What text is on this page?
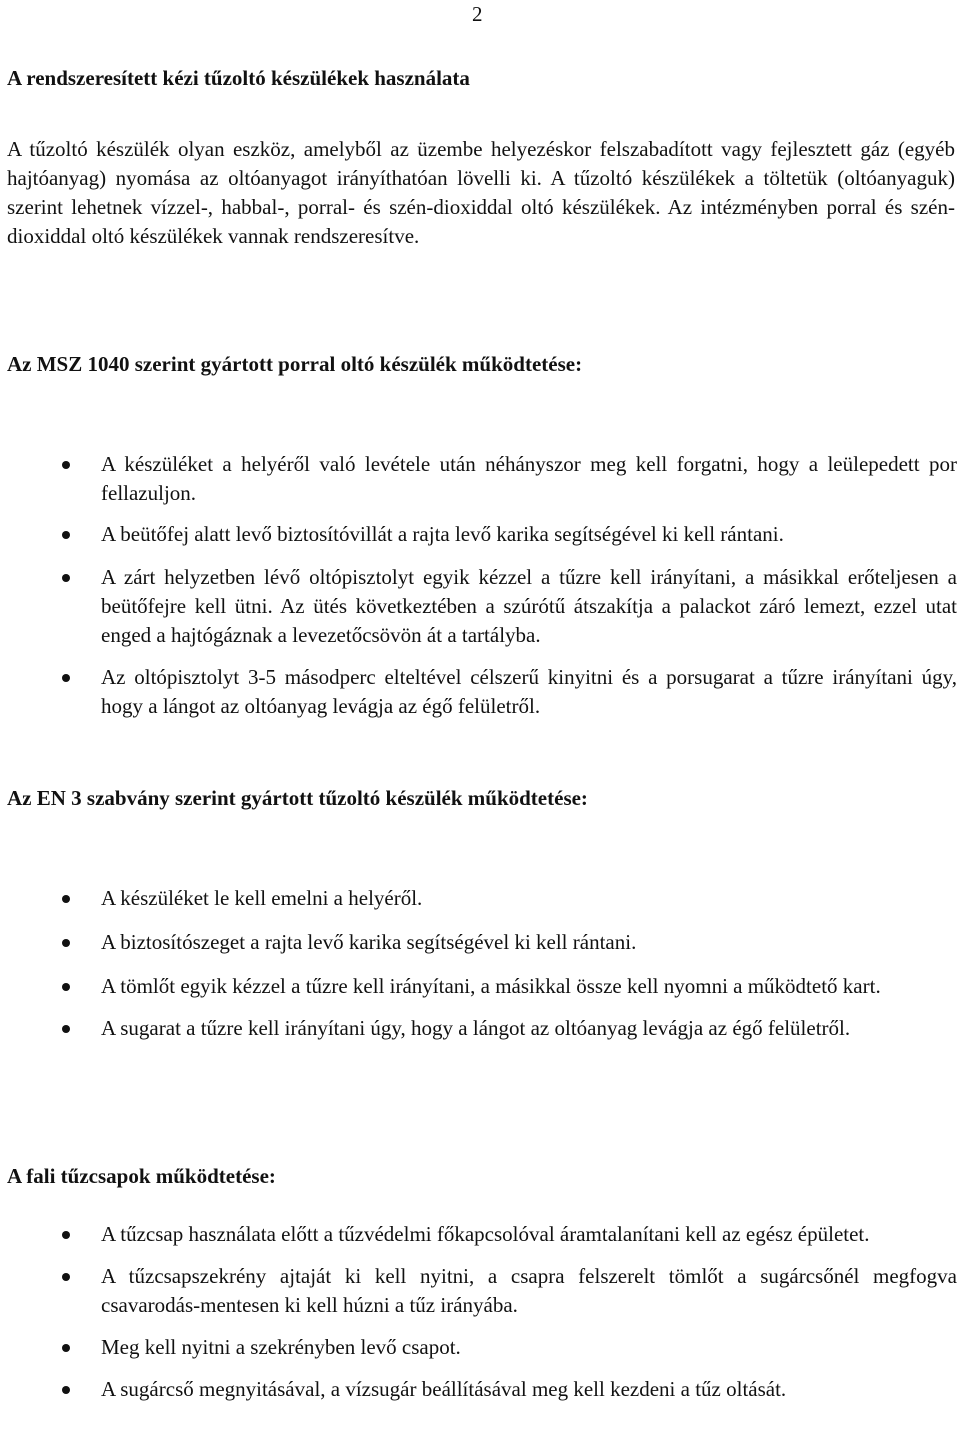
2
A rendszeresített kézi tűzoltó készülékek használata

A tűzoltó készülék olyan eszköz, amelyből az üzembe helyezéskor felszabadított vagy fejlesztett gáz (egyéb hajtóanyag) nyomása az oltóanyagot irányíthatóan lövelli ki. A tűzoltó készülékek a töltetük (oltóanyaguk) szerint lehetnek vízzel-, habbal-, porral- és szén-dioxiddal oltó készülékek. Az intézményben porral és szén-dioxiddal oltó készülékek vannak rendszeresítve.

Az MSZ 1040 szerint gyártott porral oltó készülék működtetése:
A készüléket a helyéről való levétele után néhányszor meg kell forgatni, hogy a leülepedett por fellazuljon.
A beütőfej alatt levő biztosítóvillát a rajta levő karika segítségével ki kell rántani.
A zárt helyzetben lévő oltópisztolyt egyik kézzel a tűzre kell irányítani, a másikkal erőteljesen a beütőfejre kell ütni. Az ütés következtében a szúrótű átszakítja a palackot záró lemezt, ezzel utat enged a hajtógáznak a levezetőcsövön át a tartályba.
Az oltópisztolyt 3-5 másodperc elteltével célszerű kinyitni és a porsugarat a tűzre irányítani úgy, hogy a lángot az oltóanyag levágja az égő felületről.
Az EN 3 szabvány szerint gyártott tűzoltó készülék működtetése:
A készüléket le kell emelni a helyéről.
A biztosítószeget a rajta levő karika segítségével ki kell rántani.
A tömlőt egyik kézzel a tűzre kell irányítani, a másikkal össze kell nyomni a működtető kart.
A sugarat a tűzre kell irányítani úgy, hogy a lángot az oltóanyag levágja az égő felületről.
A fali tűzcsapok működtetése:
A tűzcsap használata előtt a tűzvédelmi főkapcsolóval áramtalanítani kell az egész épületet.
A tűzcsapszekrény ajtaját ki kell nyitni, a csapra felszerelt tömlőt a sugárcsőnél megfogva csavarodás-mentesen ki kell húzni a tűz irányába.
Meg kell nyitni a szekrényben levő csapot.
A sugárcső megnyitásával, a vízsugár beállításával meg kell kezdeni a tűz oltását.
